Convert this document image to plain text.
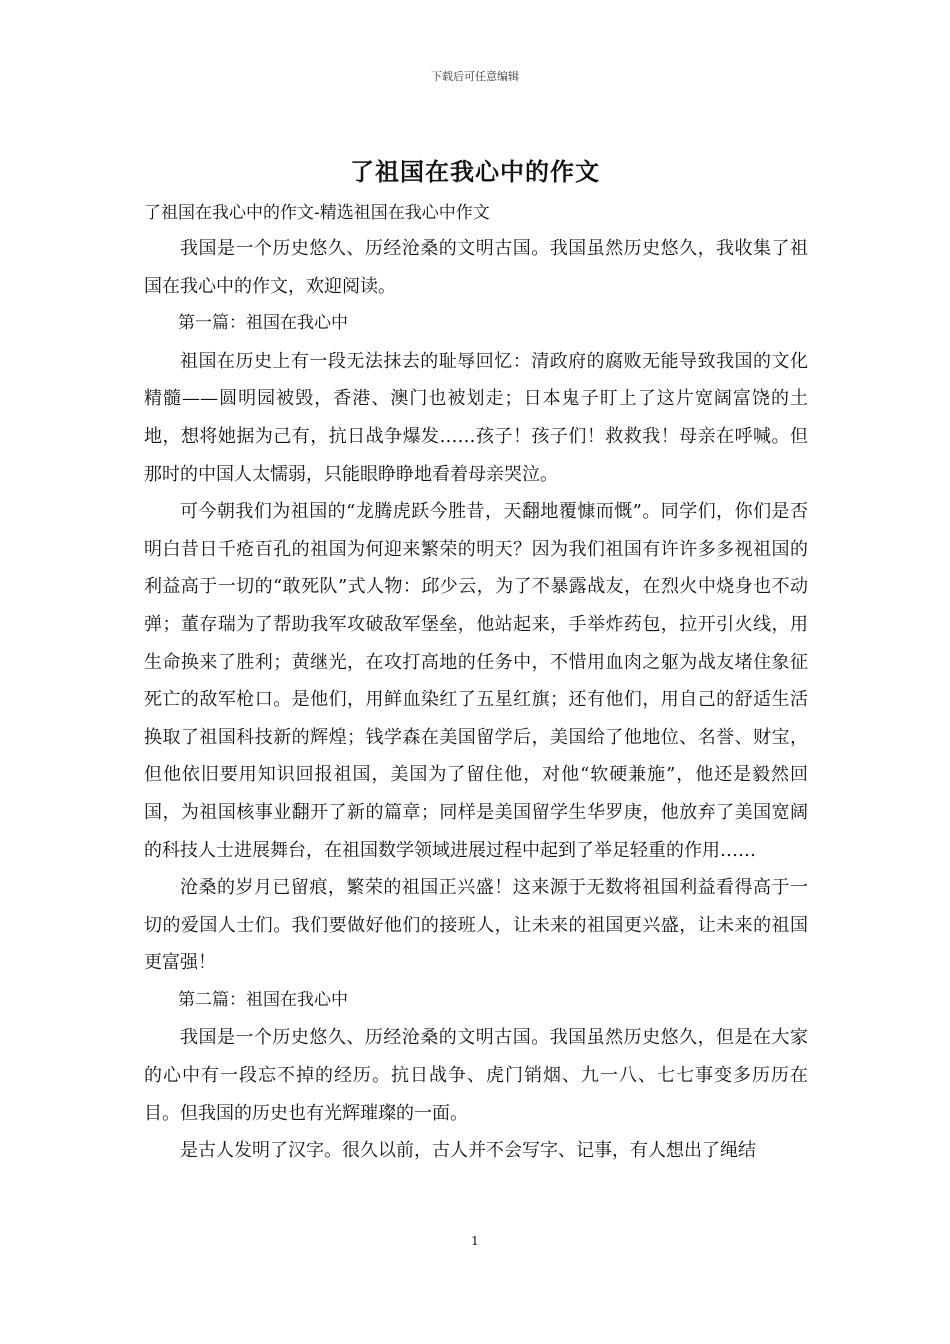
下载后可任意编辑
了祖国在我心中的作文

了祖国在我心中的作文-精选祖国在我心中作文

我国是一个历史悠久、历经沧桑的文明古国。我国虽然历史悠久，我收集了祖国在我心中的作文，欢迎阅读。

第一篇：祖国在我心中

祖国在历史上有一段无法抹去的耻辱回忆：清政府的腐败无能导致我国的文化精髓——圆明园被毁，香港、澳门也被划走；日本鬼子盯上了这片宽阔富饶的土地，想将她据为己有，抗日战争爆发……孩子！孩子们！救救我！母亲在呼喊。但那时的中国人太懦弱，只能眼睁睁地看着母亲哭泣。

可今朝我们为祖国的“龙腾虎跃今胜昔，天翻地覆慷而慨”。同学们，你们是否明白昔日千疮百孔的祖国为何迎来繁荣的明天？因为我们祖国有许许多多视祖国的利益高于一切的“敢死队”式人物：邱少云，为了不暴露战友，在烈火中烧身也不动弹；董存瑞为了帮助我军攻破敌军堡垒，他站起来，手举炸药包，拉开引火线，用生命换来了胜利；黄继光，在攻打高地的任务中，不惜用血肉之躯为战友堵住象征死亡的敌军枪口。是他们，用鲜血染红了五星红旗；还有他们，用自己的舒适生活换取了祖国科技新的辉煌；钱学森在美国留学后，美国给了他地位、名誉、财宝，但他依旧要用知识回报祖国，美国为了留住他，对他“软硬兼施”，他还是毅然回国，为祖国核事业翻开了新的篇章；同样是美国留学生华罗庚，他放弃了美国宽阔的科技人士进展舞台，在祖国数学领域进展过程中起到了举足轻重的作用……

沧桑的岁月已留痕，繁荣的祖国正兴盛！这来源于无数将祖国利益看得高于一切的爱国人士们。我们要做好他们的接班人，让未来的祖国更兴盛，让未来的祖国更富强！

第二篇：祖国在我心中

我国是一个历史悠久、历经沧桑的文明古国。我国虽然历史悠久，但是在大家的心中有一段忘不掉的经历。抗日战争、虎门销烟、九一八、七七事变多历历在目。但我国的历史也有光辉璀璨的一面。

是古人发明了汉字。很久以前，古人并不会写字、记事，有人想出了绳结

1
